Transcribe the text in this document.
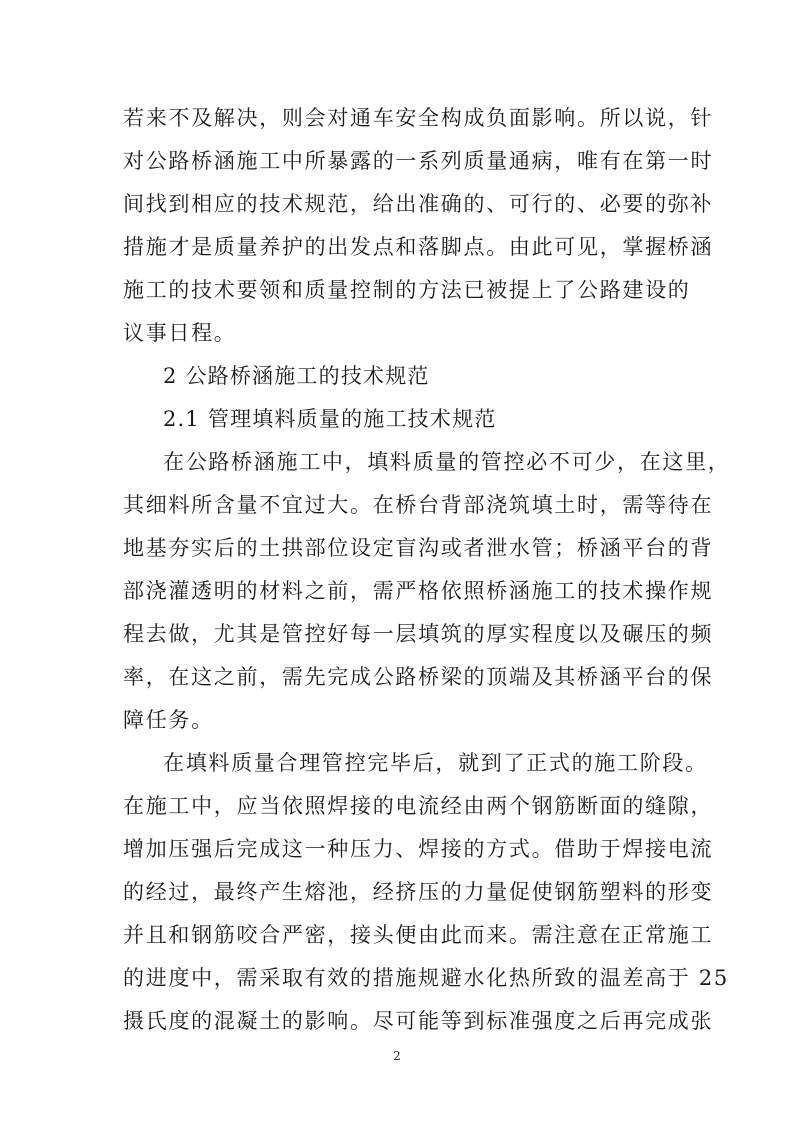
若来不及解决，则会对通车安全构成负面影响。所以说，针
对公路桥涵施工中所暴露的一系列质量通病，唯有在第一时
间找到相应的技术规范，给出准确的、可行的、必要的弥补
措施才是质量养护的出发点和落脚点。由此可见，掌握桥涵
施工的技术要领和质量控制的方法已被提上了公路建设的
议事日程。
2 公路桥涵施工的技术规范
2.1 管理填料质量的施工技术规范
在公路桥涵施工中，填料质量的管控必不可少，在这里，
其细料所含量不宜过大。在桥台背部浇筑填土时，需等待在
地基夯实后的土拱部位设定盲沟或者泄水管；桥涵平台的背
部浇灌透明的材料之前，需严格依照桥涵施工的技术操作规
程去做，尤其是管控好每一层填筑的厚实程度以及碾压的频
率，在这之前，需先完成公路桥梁的顶端及其桥涵平台的保
障任务。
在填料质量合理管控完毕后，就到了正式的施工阶段。
在施工中，应当依照焊接的电流经由两个钢筋断面的缝隙，
增加压强后完成这一种压力、焊接的方式。借助于焊接电流
的经过，最终产生熔池，经挤压的力量促使钢筋塑料的形变
并且和钢筋咬合严密，接头便由此而来。需注意在正常施工
的进度中，需采取有效的措施规避水化热所致的温差高于 25
摄氏度的混凝土的影响。尽可能等到标准强度之后再完成张
2
